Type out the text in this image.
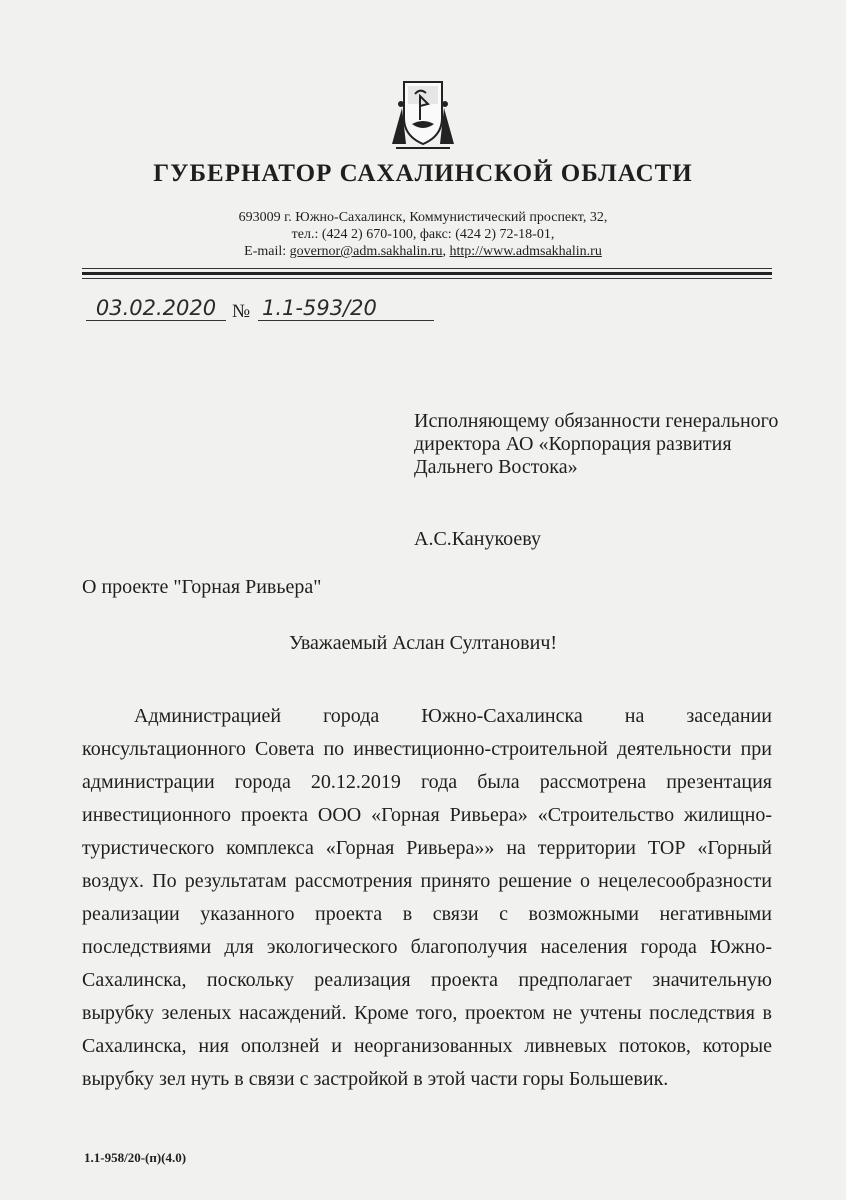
ГУБЕРНАТОР САХАЛИНСКОЙ ОБЛАСТИ
693009 г. Южно-Сахалинск, Коммунистический проспект, 32,
тел.: (424 2) 670-100, факс: (424 2) 72-18-01,
E-mail: governor@adm.sakhalin.ru, http://www.admsakhalin.ru
03.02.2020 № 1.1-593/20
Исполняющему обязанности генерального директора АО «Корпорация развития Дальнего Востока»
А.С.Канукоеву
О проекте "Горная Ривьера"
Уважаемый Аслан Султанович!

Администрацией города Южно-Сахалинска на заседании консультационного Совета по инвестиционно-строительной деятельности при администрации города 20.12.2019 года была рассмотрена презентация инвестиционного проекта ООО «Горная Ривьера» «Строительство жилищно-туристического комплекса «Горная Ривьера»» на территории ТОР «Горный воздух. По результатам рассмотрения принято решение о нецелесообразности реализации указанного проекта в связи с возможными негативными последствиями для экологического благополучия населения города Южно-Сахалинска, поскольку реализация проекта предполагает значительную вырубку зеленых насаждений. Кроме того, проектом не учтены последствия в Сахалинска, ния оползней и неорганизованных ливневых потоков, которые вырубку зел нуть в связи с застройкой в этой части горы Большевик.

1.1-958/20-(п)(4.0)
